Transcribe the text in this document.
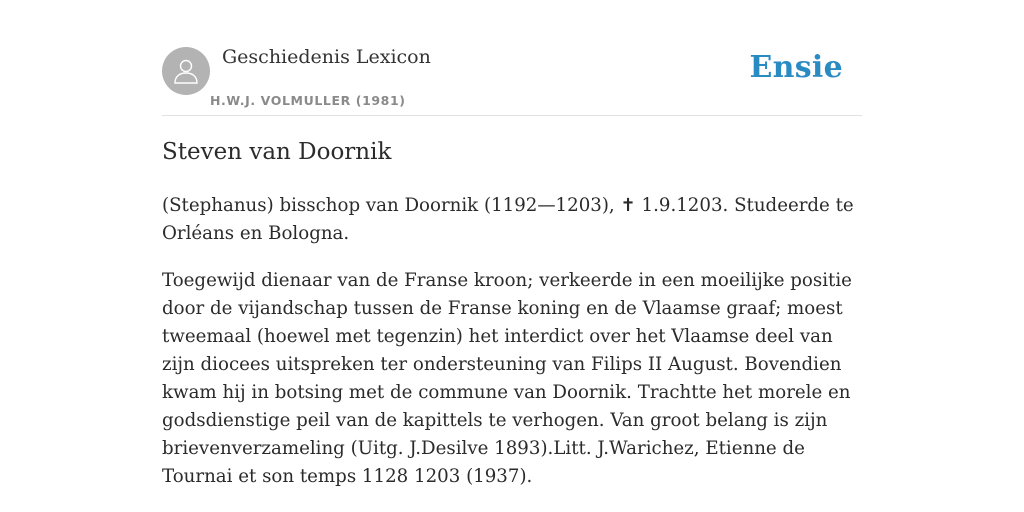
Geschiedenis Lexicon
H.W.J. VOLMULLER (1981)
Ensie
Steven van Doornik

(Stephanus) bisschop van Doornik (1192—1203), ✝ 1.9.1203. Studeerde te Orléans en Bologna.

Toegewijd dienaar van de Franse kroon; verkeerde in een moeilijke positie door de vijandschap tussen de Franse koning en de Vlaamse graaf; moest tweemaal (hoewel met tegenzin) het interdict over het Vlaamse deel van zijn diocees uitspreken ter ondersteuning van Filips II August. Bovendien kwam hij in botsing met de commune van Doornik. Trachtte het morele en godsdienstige peil van de kapittels te verhogen. Van groot belang is zijn brievenverzameling (Uitg. J.Desilve 1893).Litt. J.Warichez, Etienne de Tournai et son temps 1128 1203 (1937).
